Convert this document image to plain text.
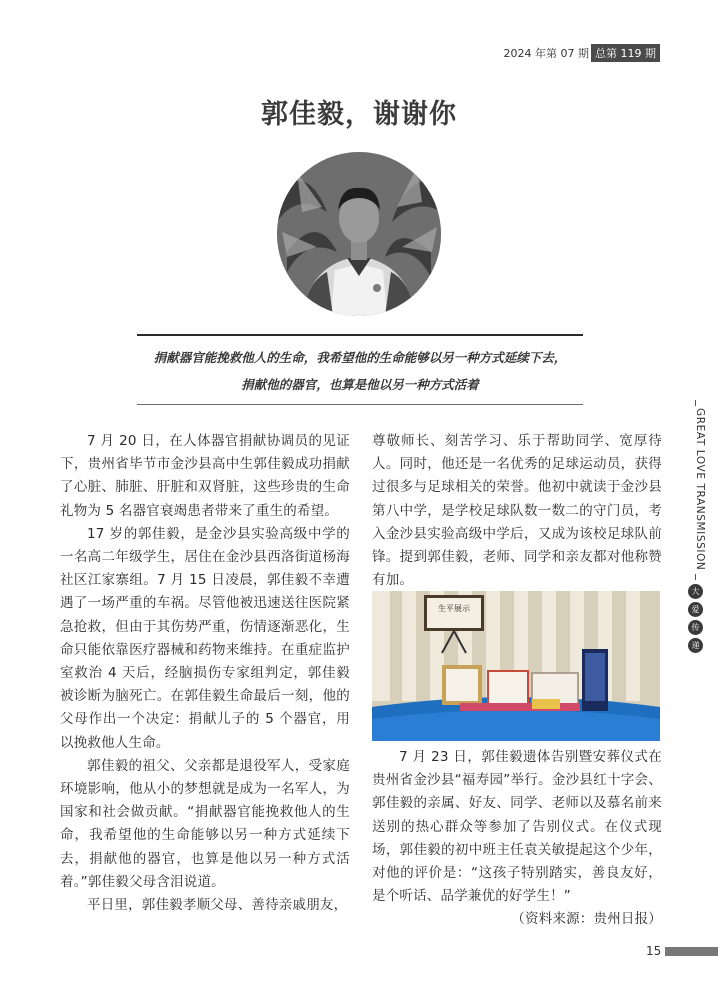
2024 年第 07 期 总第 119 期
郭佳毅，谢谢你

捐献器官能挽救他人的生命，我希望他的生命能够以另一种方式延续下去，

捐献他的器官，也算是他以另一种方式活着

7 月 20 日，在人体器官捐献协调员的见证下，贵州省毕节市金沙县高中生郭佳毅成功捐献了心脏、肺脏、肝脏和双肾脏，这些珍贵的生命礼物为 5 名器官衰竭患者带来了重生的希望。

17 岁的郭佳毅，是金沙县实验高级中学的一名高二年级学生，居住在金沙县西洛街道杨海社区江家寨组。7 月 15 日凌晨，郭佳毅不幸遭遇了一场严重的车祸。尽管他被迅速送往医院紧急抢救，但由于其伤势严重，伤情逐渐恶化，生命只能依靠医疗器械和药物来维持。在重症监护室救治 4 天后，经脑损伤专家组判定，郭佳毅被诊断为脑死亡。在郭佳毅生命最后一刻，他的父母作出一个决定：捐献儿子的 5 个器官，用以挽救他人生命。

郭佳毅的祖父、父亲都是退役军人，受家庭环境影响，他从小的梦想就是成为一名军人，为国家和社会做贡献。“捐献器官能挽救他人的生命，我希望他的生命能够以另一种方式延续下去，捐献他的器官，也算是他以另一种方式活着。”郭佳毅父母含泪说道。

平日里，郭佳毅孝顺父母、善待亲戚朋友，

尊敬师长、刻苦学习、乐于帮助同学、宽厚待人。同时，他还是一名优秀的足球运动员，获得过很多与足球相关的荣誉。他初中就读于金沙县第八中学，是学校足球队数一数二的守门员，考入金沙县实验高级中学后，又成为该校足球队前锋。提到郭佳毅，老师、同学和亲友都对他称赞有加。

生平展示

7 月 23 日，郭佳毅遗体告别暨安葬仪式在贵州省金沙县“福寿园”举行。金沙县红十字会、郭佳毅的亲属、好友、同学、老师以及慕名前来送别的热心群众等参加了告别仪式。在仪式现场，郭佳毅的初中班主任袁关敏提起这个少年，对他的评价是：“这孩子特别踏实，善良友好，是个听话、品学兼优的好学生！”

（资料来源：贵州日报）

GREAT LOVE TRANSMISSION
大
爱
传
递
15
